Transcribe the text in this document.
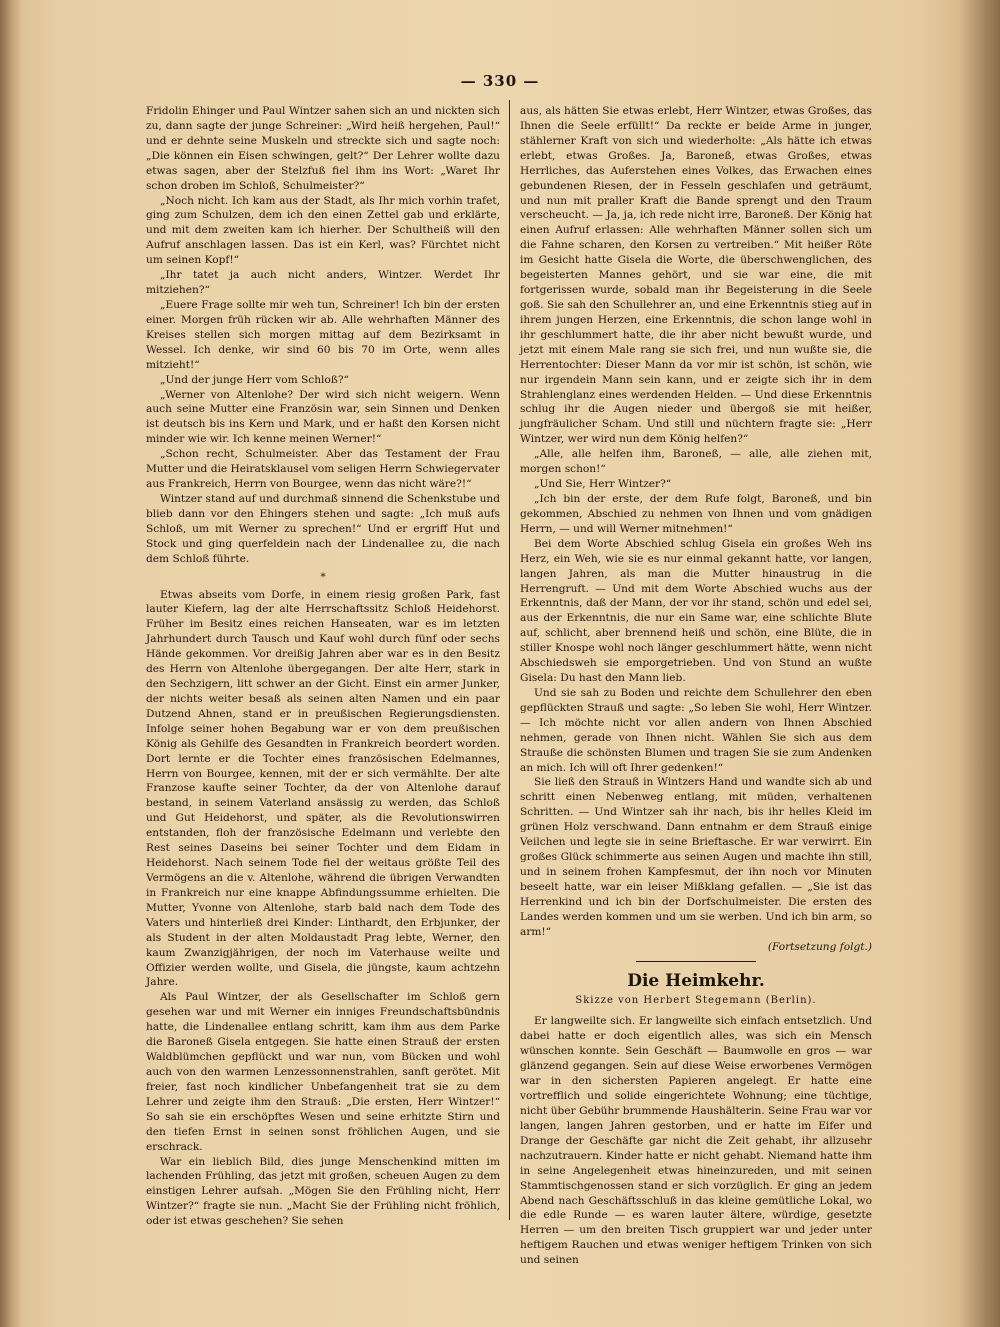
— 330 —

Fridolin Ehinger und Paul Wintzer sahen sich an und nickten sich zu, dann sagte der junge Schreiner: „Wird heiß hergehen, Paul!“ und er dehnte seine Muskeln und streckte sich und sagte noch: „Die können ein Eisen schwingen, gelt?“ Der Lehrer wollte dazu etwas sagen, aber der Stelzfuß fiel ihm ins Wort: „Waret Ihr schon droben im Schloß, Schulmeister?“

„Noch nicht. Ich kam aus der Stadt, als Ihr mich vorhin trafet, ging zum Schulzen, dem ich den einen Zettel gab und erklärte, und mit dem zweiten kam ich hierher. Der Schultheiß will den Aufruf anschlagen lassen. Das ist ein Kerl, was? Fürchtet nicht um seinen Kopf!“

„Ihr tatet ja auch nicht anders, Wintzer. Werdet Ihr mitziehen?“

„Euere Frage sollte mir weh tun, Schreiner! Ich bin der ersten einer. Morgen früh rücken wir ab. Alle wehrhaften Männer des Kreises stellen sich morgen mittag auf dem Bezirksamt in Wessel. Ich denke, wir sind 60 bis 70 im Orte, wenn alles mitzieht!“

„Und der junge Herr vom Schloß?“

„Werner von Altenlohe? Der wird sich nicht weigern. Wenn auch seine Mutter eine Französin war, sein Sinnen und Denken ist deutsch bis ins Kern und Mark, und er haßt den Korsen nicht minder wie wir. Ich kenne meinen Werner!“

„Schon recht, Schulmeister. Aber das Testament der Frau Mutter und die Heiratsklausel vom seligen Herrn Schwiegervater aus Frankreich, Herrn von Bourgee, wenn das nicht wäre?!“

Wintzer stand auf und durchmaß sinnend die Schenkstube und blieb dann vor den Ehingers stehen und sagte: „Ich muß aufs Schloß, um mit Werner zu sprechen!“ Und er ergriff Hut und Stock und ging querfeldein nach der Lindenallee zu, die nach dem Schloß führte.

*

Etwas abseits vom Dorfe, in einem riesig großen Park, fast lauter Kiefern, lag der alte Herrschaftssitz Schloß Heidehorst. Früher im Besitz eines reichen Hanseaten, war es im letzten Jahrhundert durch Tausch und Kauf wohl durch fünf oder sechs Hände gekommen. Vor dreißig Jahren aber war es in den Besitz des Herrn von Altenlohe übergegangen. Der alte Herr, stark in den Sechzigern, litt schwer an der Gicht. Einst ein armer Junker, der nichts weiter besaß als seinen alten Namen und ein paar Dutzend Ahnen, stand er in preußischen Regierungsdiensten. Infolge seiner hohen Begabung war er von dem preußischen König als Gehilfe des Gesandten in Frankreich beordert worden. Dort lernte er die Tochter eines französischen Edelmannes, Herrn von Bourgee, kennen, mit der er sich vermählte. Der alte Franzose kaufte seiner Tochter, da der von Altenlohe darauf bestand, in seinem Vaterland ansässig zu werden, das Schloß und Gut Heidehorst, und später, als die Revolutionswirren entstanden, floh der französische Edelmann und verlebte den Rest seines Daseins bei seiner Tochter und dem Eidam in Heidehorst. Nach seinem Tode fiel der weitaus größte Teil des Vermögens an die v. Altenlohe, während die übrigen Verwandten in Frankreich nur eine knappe Abfindungssumme erhielten. Die Mutter, Yvonne von Altenlohe, starb bald nach dem Tode des Vaters und hinterließ drei Kinder: Linthardt, den Erbjunker, der als Student in der alten Moldaustadt Prag lebte, Werner, den kaum Zwanzigjährigen, der noch im Vaterhause weilte und Offizier werden wollte, und Gisela, die jüngste, kaum achtzehn Jahre.

Als Paul Wintzer, der als Gesellschafter im Schloß gern gesehen war und mit Werner ein inniges Freundschaftsbündnis hatte, die Lindenallee entlang schritt, kam ihm aus dem Parke die Baroneß Gisela entgegen. Sie hatte einen Strauß der ersten Waldblümchen gepflückt und war nun, vom Bücken und wohl auch von den warmen Lenzessonnenstrahlen, sanft gerötet. Mit freier, fast noch kindlicher Unbefangenheit trat sie zu dem Lehrer und zeigte ihm den Strauß: „Die ersten, Herr Wintzer!“ So sah sie ein erschöpftes Wesen und seine erhitzte Stirn und den tiefen Ernst in seinen sonst fröhlichen Augen, und sie erschrack.

War ein lieblich Bild, dies junge Menschenkind mitten im lachenden Frühling, das jetzt mit großen, scheuen Augen zu dem einstigen Lehrer aufsah. „Mögen Sie den Frühling nicht, Herr Wintzer?“ fragte sie nun. „Macht Sie der Frühling nicht fröhlich, oder ist etwas geschehen? Sie sehen

aus, als hätten Sie etwas erlebt, Herr Wintzer, etwas Großes, das Ihnen die Seele erfüllt!“ Da reckte er beide Arme in junger, stählerner Kraft von sich und wiederholte: „Als hätte ich etwas erlebt, etwas Großes. Ja, Baroneß, etwas Großes, etwas Herrliches, das Auferstehen eines Volkes, das Erwachen eines gebundenen Riesen, der in Fesseln geschlafen und geträumt, und nun mit praller Kraft die Bande sprengt und den Traum verscheucht. — Ja, ja, ich rede nicht irre, Baroneß. Der König hat einen Aufruf erlassen: Alle wehrhaften Männer sollen sich um die Fahne scharen, den Korsen zu vertreiben.“ Mit heißer Röte im Gesicht hatte Gisela die Worte, die überschwenglichen, des begeisterten Mannes gehört, und sie war eine, die mit fortgerissen wurde, sobald man ihr Begeisterung in die Seele goß. Sie sah den Schullehrer an, und eine Erkenntnis stieg auf in ihrem jungen Herzen, eine Erkenntnis, die schon lange wohl in ihr geschlummert hatte, die ihr aber nicht bewußt wurde, und jetzt mit einem Male rang sie sich frei, und nun wußte sie, die Herrentochter: Dieser Mann da vor mir ist schön, ist schön, wie nur irgendein Mann sein kann, und er zeigte sich ihr in dem Strahlenglanz eines werdenden Helden. — Und diese Erkenntnis schlug ihr die Augen nieder und übergoß sie mit heißer, jungfräulicher Scham. Und still und nüchtern fragte sie: „Herr Wintzer, wer wird nun dem König helfen?“

„Alle, alle helfen ihm, Baroneß, — alle, alle ziehen mit, morgen schon!“

„Und Sie, Herr Wintzer?“

„Ich bin der erste, der dem Rufe folgt, Baroneß, und bin gekommen, Abschied zu nehmen von Ihnen und vom gnädigen Herrn, — und will Werner mitnehmen!“

Bei dem Worte Abschied schlug Gisela ein großes Weh ins Herz, ein Weh, wie sie es nur einmal gekannt hatte, vor langen, langen Jahren, als man die Mutter hinaustrug in die Herrengruft. — Und mit dem Worte Abschied wuchs aus der Erkenntnis, daß der Mann, der vor ihr stand, schön und edel sei, aus der Erkenntnis, die nur ein Same war, eine schlichte Blute auf, schlicht, aber brennend heiß und schön, eine Blüte, die in stiller Knospe wohl noch länger geschlummert hätte, wenn nicht Abschiedsweh sie emporgetrieben. Und von Stund an wußte Gisela: Du hast den Mann lieb.

Und sie sah zu Boden und reichte dem Schullehrer den eben gepflückten Strauß und sagte: „So leben Sie wohl, Herr Wintzer. — Ich möchte nicht vor allen andern von Ihnen Abschied nehmen, gerade von Ihnen nicht. Wählen Sie sich aus dem Strauße die schönsten Blumen und tragen Sie sie zum Andenken an mich. Ich will oft Ihrer gedenken!“

Sie ließ den Strauß in Wintzers Hand und wandte sich ab und schritt einen Nebenweg entlang, mit müden, verhaltenen Schritten. — Und Wintzer sah ihr nach, bis ihr helles Kleid im grünen Holz verschwand. Dann entnahm er dem Strauß einige Veilchen und legte sie in seine Brieftasche. Er war verwirrt. Ein großes Glück schimmerte aus seinen Augen und machte ihn still, und in seinem frohen Kampfesmut, der ihn noch vor Minuten beseelt hatte, war ein leiser Mißklang gefallen. — „Sie ist das Herrenkind und ich bin der Dorfschulmeister. Die ersten des Landes werden kommen und um sie werben. Und ich bin arm, so arm!“

(Fortsetzung folgt.)

Die Heimkehr.

Skizze von Herbert Stegemann (Berlin).

Er langweilte sich. Er langweilte sich einfach entsetzlich. Und dabei hatte er doch eigentlich alles, was sich ein Mensch wünschen konnte. Sein Geschäft — Baumwolle en gros — war glänzend gegangen. Sein auf diese Weise erworbenes Vermögen war in den sichersten Papieren angelegt. Er hatte eine vortrefflich und solide eingerichtete Wohnung; eine tüchtige, nicht über Gebühr brummende Haushälterin. Seine Frau war vor langen, langen Jahren gestorben, und er hatte im Eifer und Drange der Geschäfte gar nicht die Zeit gehabt, ihr allzusehr nachzutrauern. Kinder hatte er nicht gehabt. Niemand hatte ihm in seine Angelegenheit etwas hineinzureden, und mit seinen Stammtischgenossen stand er sich vorzüglich. Er ging an jedem Abend nach Geschäftsschluß in das kleine gemütliche Lokal, wo die edle Runde — es waren lauter ältere, würdige, gesetzte Herren — um den breiten Tisch gruppiert war und jeder unter heftigem Rauchen und etwas weniger heftigem Trinken von sich und seinen
